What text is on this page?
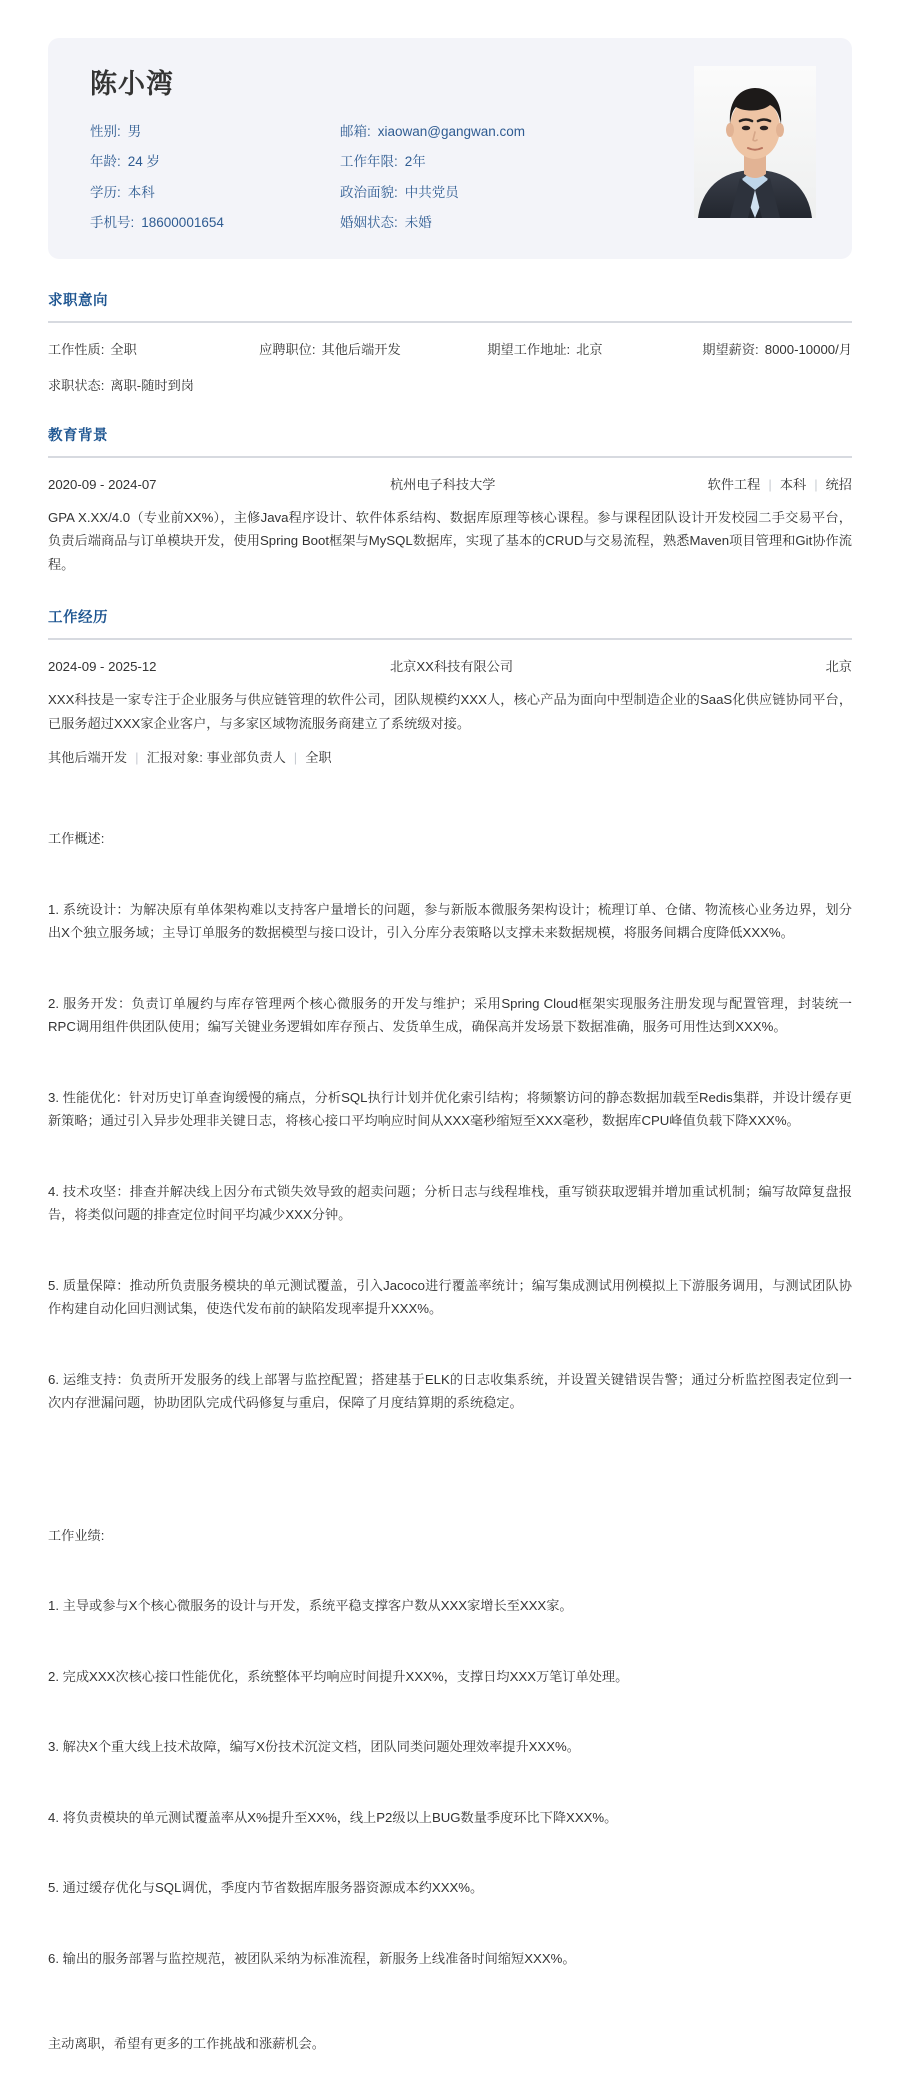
陈小湾
性别: 男	邮箱: xiaowan@gangwan.com
年龄: 24 岁	工作年限: 2年
学历: 本科	政治面貌: 中共党员
手机号: 18600001654	婚姻状态: 未婚
求职意向
工作性质: 全职	应聘职位: 其他后端开发	期望工作地址: 北京	期望薪资: 8000-10000/月
求职状态: 离职-随时到岗
教育背景
2020-09 - 2024-07	杭州电子科技大学	软件工程 | 本科 | 统招
GPA X.XX/4.0（专业前XX%），主修Java程序设计、软件体系结构、数据库原理等核心课程。参与课程团队设计开发校园二手交易平台，负责后端商品与订单模块开发，使用Spring Boot框架与MySQL数据库，实现了基本的CRUD与交易流程，熟悉Maven项目管理和Git协作流程。
工作经历
2024-09 - 2025-12	北京XX科技有限公司	北京
XXX科技是一家专注于企业服务与供应链管理的软件公司，团队规模约XXX人，核心产品为面向中型制造企业的SaaS化供应链协同平台，已服务超过XXX家企业客户，与多家区域物流服务商建立了系统级对接。
其他后端开发 | 汇报对象: 事业部负责人 | 全职

工作概述:

1. 系统设计：为解决原有单体架构难以支持客户量增长的问题，参与新版本微服务架构设计；梳理订单、仓储、物流核心业务边界，划分出X个独立服务域；主导订单服务的数据模型与接口设计，引入分库分表策略以支撑未来数据规模，将服务间耦合度降低XXX%。

2. 服务开发：负责订单履约与库存管理两个核心微服务的开发与维护；采用Spring Cloud框架实现服务注册发现与配置管理，封装统一RPC调用组件供团队使用；编写关键业务逻辑如库存预占、发货单生成，确保高并发场景下数据准确，服务可用性达到XXX%。

3. 性能优化：针对历史订单查询缓慢的痛点，分析SQL执行计划并优化索引结构；将频繁访问的静态数据加载至Redis集群，并设计缓存更新策略；通过引入异步处理非关键日志，将核心接口平均响应时间从XXX毫秒缩短至XXX毫秒，数据库CPU峰值负载下降XXX%。

4. 技术攻坚：排查并解决线上因分布式锁失效导致的超卖问题；分析日志与线程堆栈，重写锁获取逻辑并增加重试机制；编写故障复盘报告，将类似问题的排查定位时间平均减少XXX分钟。

5. 质量保障：推动所负责服务模块的单元测试覆盖，引入Jacoco进行覆盖率统计；编写集成测试用例模拟上下游服务调用，与测试团队协作构建自动化回归测试集，使迭代发布前的缺陷发现率提升XXX%。

6. 运维支持：负责所开发服务的线上部署与监控配置；搭建基于ELK的日志收集系统，并设置关键错误告警；通过分析监控图表定位到一次内存泄漏问题，协助团队完成代码修复与重启，保障了月度结算期的系统稳定。

工作业绩:

1. 主导或参与X个核心微服务的设计与开发，系统平稳支撑客户数从XXX家增长至XXX家。

2. 完成XXX次核心接口性能优化，系统整体平均响应时间提升XXX%，支撑日均XXX万笔订单处理。

3. 解决X个重大线上技术故障，编写X份技术沉淀文档，团队同类问题处理效率提升XXX%。

4. 将负责模块的单元测试覆盖率从X%提升至XX%，线上P2级以上BUG数量季度环比下降XXX%。

5. 通过缓存优化与SQL调优，季度内节省数据库服务器资源成本约XXX%。

6. 输出的服务部署与监控规范，被团队采纳为标准流程，新服务上线准备时间缩短XXX%。

主动离职，希望有更多的工作挑战和涨薪机会。
